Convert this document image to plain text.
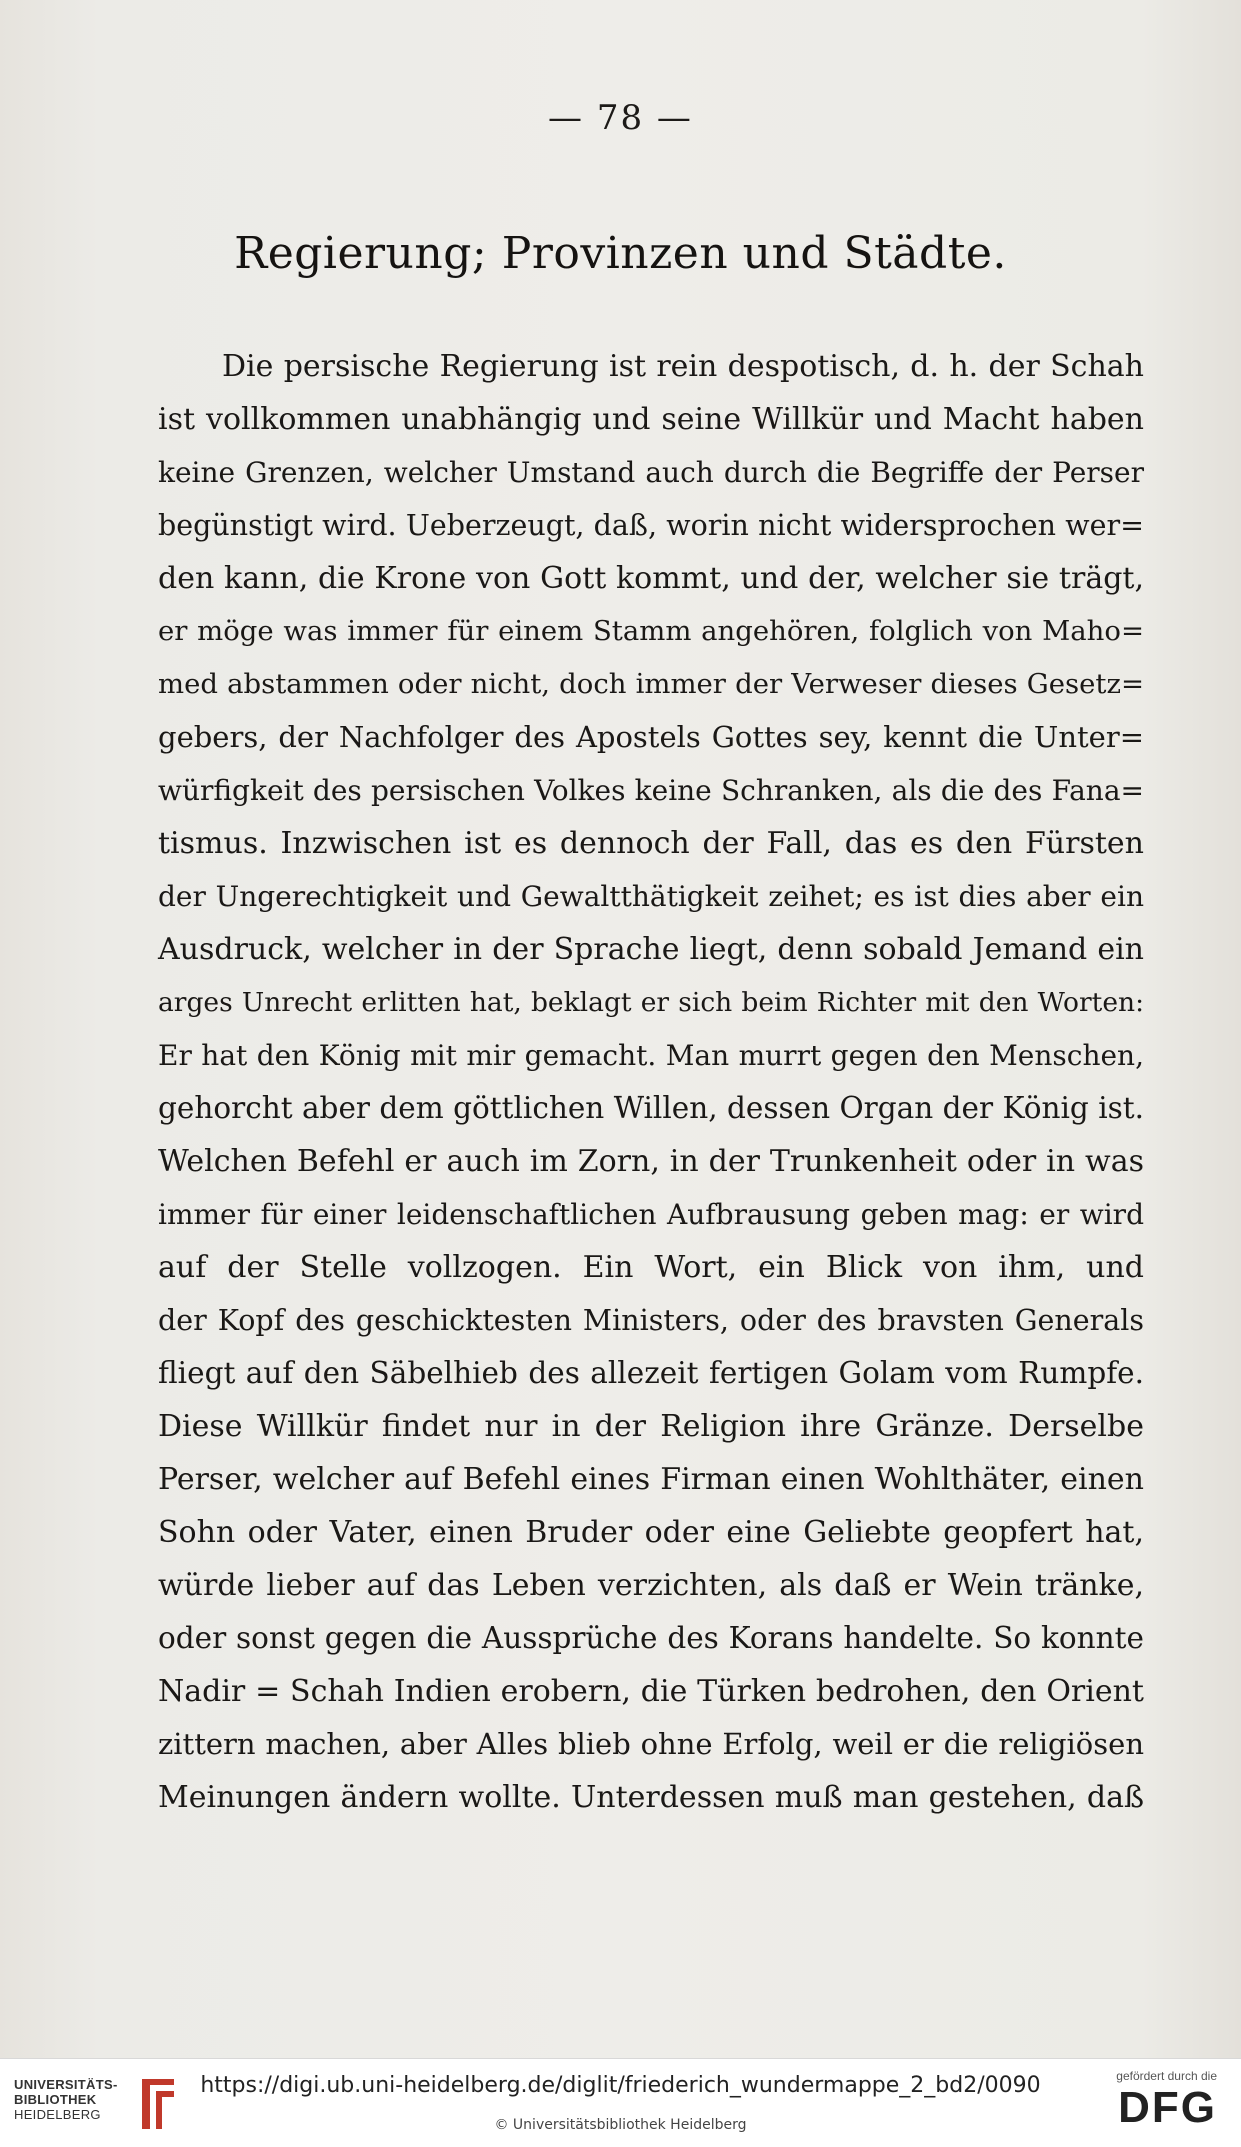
— 78 —
Regierung; Provinzen und Städte.
Die persische Regierung ist rein despotisch, d. h. der Schah
ist vollkommen unabhängig und seine Willkür und Macht haben
keine Grenzen, welcher Umstand auch durch die Begriffe der Perser
begünstigt wird. Ueberzeugt, daß, worin nicht widersprochen wer=
den kann, die Krone von Gott kommt, und der, welcher sie trägt,
er möge was immer für einem Stamm angehören, folglich von Maho=
med abstammen oder nicht, doch immer der Verweser dieses Gesetz=
gebers, der Nachfolger des Apostels Gottes sey, kennt die Unter=
würfigkeit des persischen Volkes keine Schranken, als die des Fana=
tismus. Inzwischen ist es dennoch der Fall, das es den Fürsten
der Ungerechtigkeit und Gewaltthätigkeit zeihet; es ist dies aber ein
Ausdruck, welcher in der Sprache liegt, denn sobald Jemand ein
arges Unrecht erlitten hat, beklagt er sich beim Richter mit den Worten:
Er hat den König mit mir gemacht. Man murrt gegen den Menschen,
gehorcht aber dem göttlichen Willen, dessen Organ der König ist.
Welchen Befehl er auch im Zorn, in der Trunkenheit oder in was
immer für einer leidenschaftlichen Aufbrausung geben mag: er wird
auf der Stelle vollzogen. Ein Wort, ein Blick von ihm, und
der Kopf des geschicktesten Ministers, oder des bravsten Generals
fliegt auf den Säbelhieb des allezeit fertigen Golam vom Rumpfe.
Diese Willkür findet nur in der Religion ihre Gränze. Derselbe
Perser, welcher auf Befehl eines Firman einen Wohlthäter, einen
Sohn oder Vater, einen Bruder oder eine Geliebte geopfert hat,
würde lieber auf das Leben verzichten, als daß er Wein tränke,
oder sonst gegen die Aussprüche des Korans handelte. So konnte
Nadir = Schah Indien erobern, die Türken bedrohen, den Orient
zittern machen, aber Alles blieb ohne Erfolg, weil er die religiösen
Meinungen ändern wollte. Unterdessen muß man gestehen, daß
UNIVERSITÄTS-
BIBLIOTHEK
HEIDELBERG
https://digi.ub.uni-heidelberg.de/diglit/friederich_wundermappe_2_bd2/0090
© Universitätsbibliothek Heidelberg
gefördert durch die
DFG
